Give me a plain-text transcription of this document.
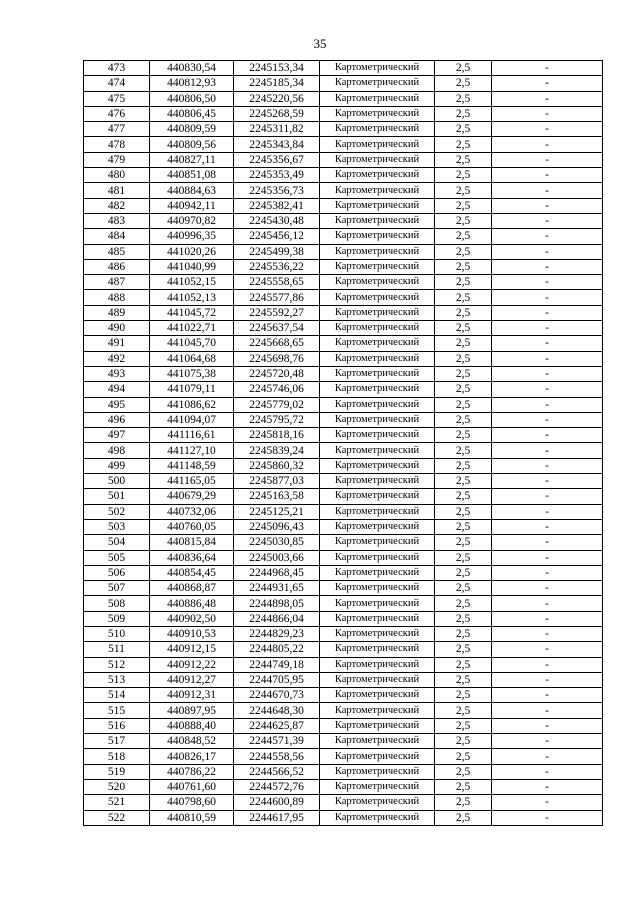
35
473	440830,54	2245153,34	Картометрический	2,5	-
474	440812,93	2245185,34	Картометрический	2,5	-
475	440806,50	2245220,56	Картометрический	2,5	-
476	440806,45	2245268,59	Картометрический	2,5	-
477	440809,59	2245311,82	Картометрический	2,5	-
478	440809,56	2245343,84	Картометрический	2,5	-
479	440827,11	2245356,67	Картометрический	2,5	-
480	440851,08	2245353,49	Картометрический	2,5	-
481	440884,63	2245356,73	Картометрический	2,5	-
482	440942,11	2245382,41	Картометрический	2,5	-
483	440970,82	2245430,48	Картометрический	2,5	-
484	440996,35	2245456,12	Картометрический	2,5	-
485	441020,26	2245499,38	Картометрический	2,5	-
486	441040,99	2245536,22	Картометрический	2,5	-
487	441052,15	2245558,65	Картометрический	2,5	-
488	441052,13	2245577,86	Картометрический	2,5	-
489	441045,72	2245592,27	Картометрический	2,5	-
490	441022,71	2245637,54	Картометрический	2,5	-
491	441045,70	2245668,65	Картометрический	2,5	-
492	441064,68	2245698,76	Картометрический	2,5	-
493	441075,38	2245720,48	Картометрический	2,5	-
494	441079,11	2245746,06	Картометрический	2,5	-
495	441086,62	2245779,02	Картометрический	2,5	-
496	441094,07	2245795,72	Картометрический	2,5	-
497	441116,61	2245818,16	Картометрический	2,5	-
498	441127,10	2245839,24	Картометрический	2,5	-
499	441148,59	2245860,32	Картометрический	2,5	-
500	441165,05	2245877,03	Картометрический	2,5	-
501	440679,29	2245163,58	Картометрический	2,5	-
502	440732,06	2245125,21	Картометрический	2,5	-
503	440760,05	2245096,43	Картометрический	2,5	-
504	440815,84	2245030,85	Картометрический	2,5	-
505	440836,64	2245003,66	Картометрический	2,5	-
506	440854,45	2244968,45	Картометрический	2,5	-
507	440868,87	2244931,65	Картометрический	2,5	-
508	440886,48	2244898,05	Картометрический	2,5	-
509	440902,50	2244866,04	Картометрический	2,5	-
510	440910,53	2244829,23	Картометрический	2,5	-
511	440912,15	2244805,22	Картометрический	2,5	-
512	440912,22	2244749,18	Картометрический	2,5	-
513	440912,27	2244705,95	Картометрический	2,5	-
514	440912,31	2244670,73	Картометрический	2,5	-
515	440897,95	2244648,30	Картометрический	2,5	-
516	440888,40	2244625,87	Картометрический	2,5	-
517	440848,52	2244571,39	Картометрический	2,5	-
518	440826,17	2244558,56	Картометрический	2,5	-
519	440786,22	2244566,52	Картометрический	2,5	-
520	440761,60	2244572,76	Картометрический	2,5	-
521	440798,60	2244600,89	Картометрический	2,5	-
522	440810,59	2244617,95	Картометрический	2,5	-
